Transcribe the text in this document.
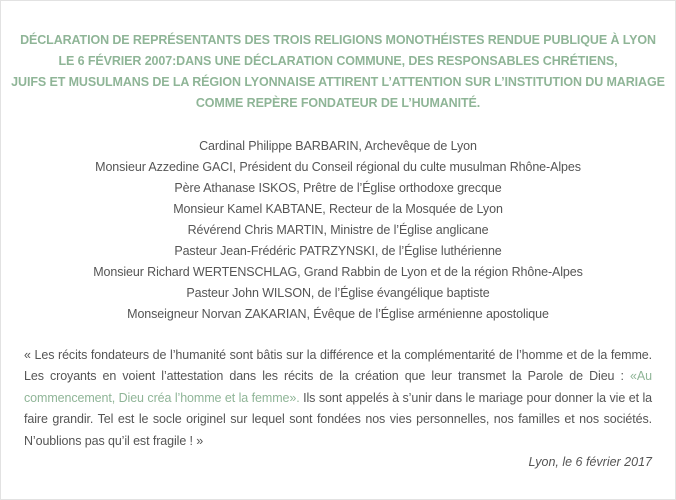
DÉCLARATION DE REPRÉSENTANTS DES TROIS RELIGIONS MONOTHÉISTES RENDUE PUBLIQUE À LYON
LE 6 FÉVRIER 2007:DANS UNE DÉCLARATION COMMUNE, DES RESPONSABLES CHRÉTIENS,
JUIFS ET MUSULMANS DE LA RÉGION LYONNAISE ATTIRENT L’ATTENTION SUR L’INSTITUTION DU MARIAGE
COMME REPÈRE FONDATEUR DE L’HUMANITÉ.
Cardinal Philippe BARBARIN, Archevêque de Lyon
Monsieur Azzedine GACI, Président du Conseil régional du culte musulman Rhône-Alpes
Père Athanase ISKOS, Prêtre de l’Église orthodoxe grecque
Monsieur Kamel KABTANE, Recteur de la Mosquée de Lyon
Révérend Chris MARTIN, Ministre de l’Église anglicane
Pasteur Jean-Frédéric PATRZYNSKI, de l’Église luthérienne
Monsieur Richard WERTENSCHLAG, Grand Rabbin de Lyon et de la région Rhône-Alpes
Pasteur John WILSON, de l’Église évangélique baptiste
Monseigneur Norvan ZAKARIAN, Évêque de l’Église arménienne apostolique
« Les récits fondateurs de l’humanité sont bâtis sur la différence et la complémentarité de l’homme et de la femme. Les croyants en voient l’attestation dans les récits de la création que leur transmet la Parole de Dieu : «Au commencement, Dieu créa l’homme et la femme». Ils sont appelés à s’unir dans le mariage pour donner la vie et la faire grandir. Tel est le socle originel sur lequel sont fondées nos vies personnelles, nos familles et nos sociétés. N’oublions pas qu’il est fragile ! »
Lyon, le 6 février 2017
